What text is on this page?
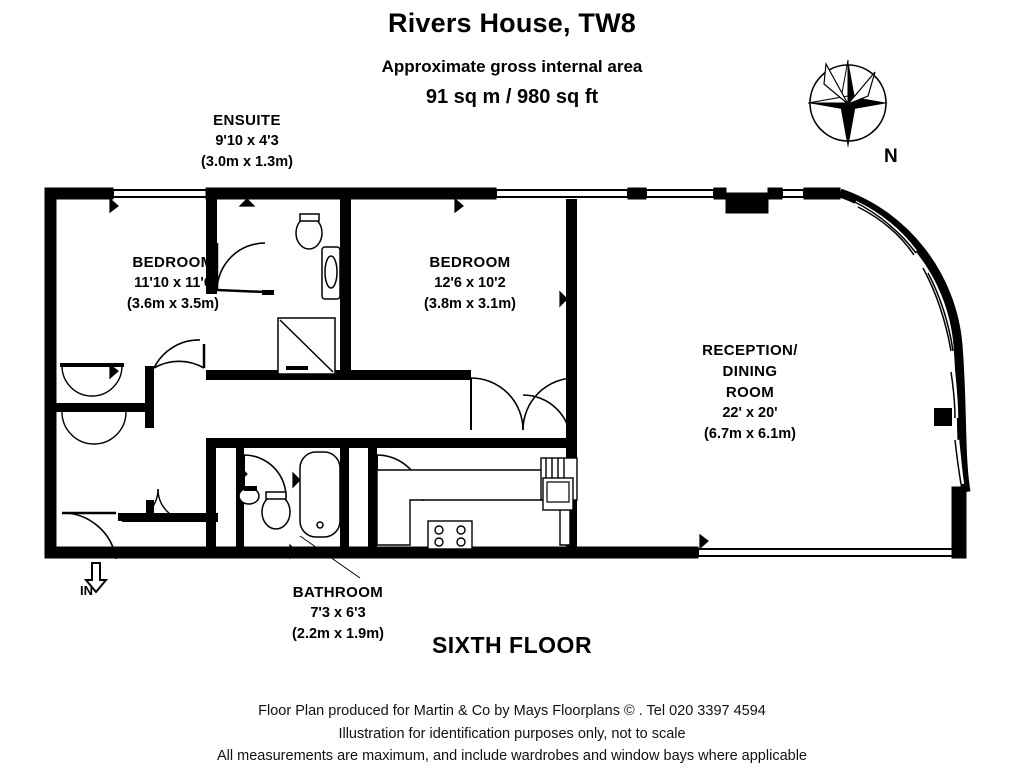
Rivers House, TW8
Approximate gross internal area
91 sq m / 980 sq ft
ENSUITE
9'10 x 4'3
(3.0m x 1.3m)
BEDROOM
11'10 x 11'6
(3.6m x 3.5m)
BEDROOM
12'6 x 10'2
(3.8m x 3.1m)
RECEPTION/
DINING
ROOM
22' x 20'
(6.7m x 6.1m)
BATHROOM
7'3 x 6'3
(2.2m x 1.9m)
IN
N
SIXTH FLOOR
Floor Plan produced for Martin & Co by Mays Floorplans © . Tel 020 3397 4594
Illustration for identification purposes only, not to scale
All measurements are maximum, and include wardrobes and window bays where applicable
